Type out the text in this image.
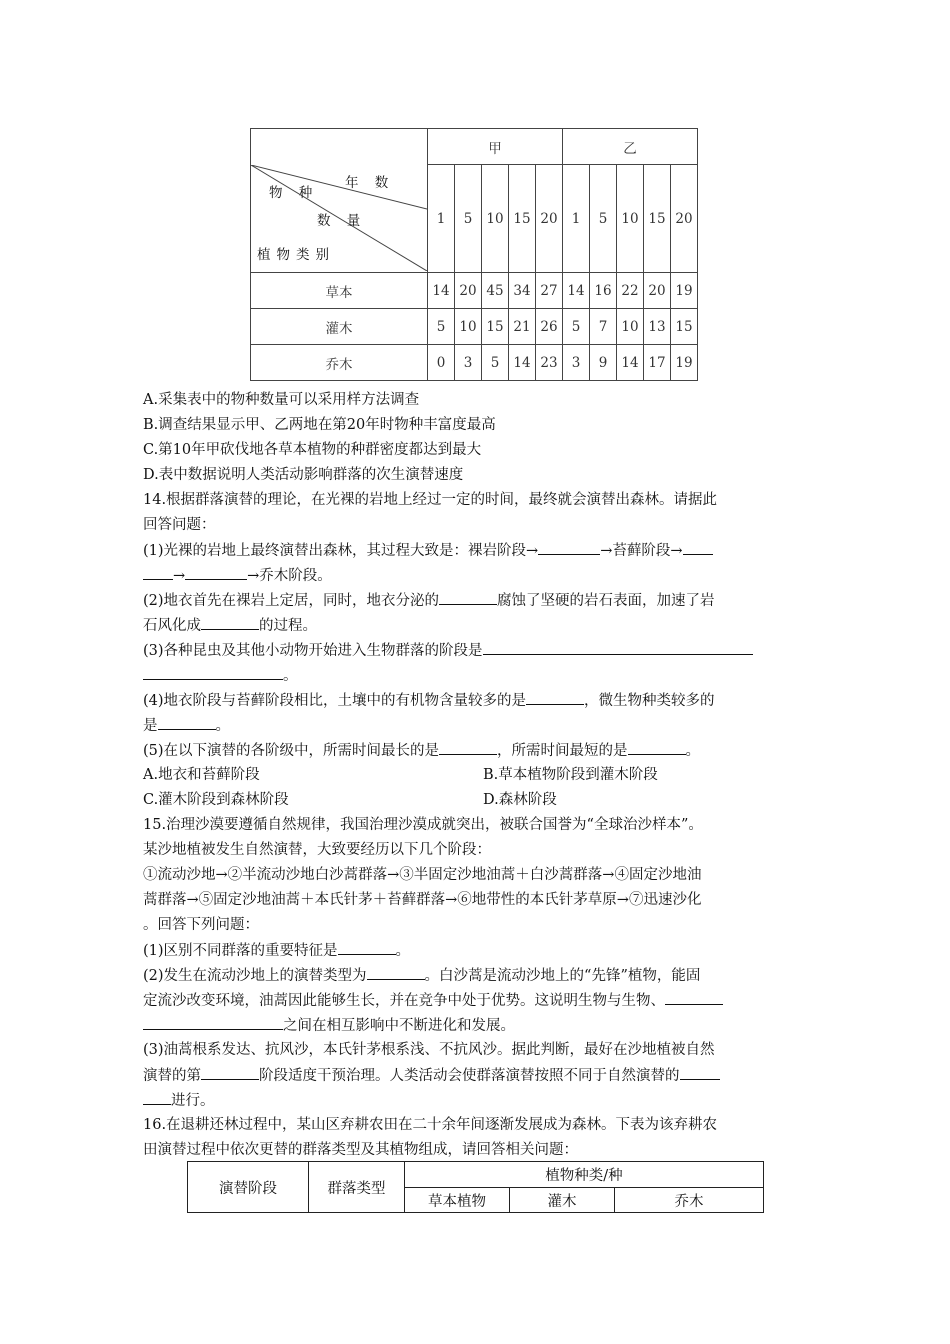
	甲					乙				
	1	5	10	15	20	1	5	10	15	20
草本	14	20	45	34	27	14	16	22	20	19
灌木	5	10	15	21	26	5	7	10	13	15
乔木	0	3	5	14	23	3	9	14	17	19
年 数
物 种
数 量
植物类别
A.采集表中的物种数量可以采用样方法调查
B.调查结果显示甲、乙两地在第20年时物种丰富度最高
C.第10年甲砍伐地各草本植物的种群密度都达到最大
D.表中数据说明人类活动影响群落的次生演替速度
14.根据群落演替的理论，在光裸的岩地上经过一定的时间，最终就会演替出森林。请据此
回答问题：
(1)光裸的岩地上最终演替出森林，其过程大致是：裸岩阶段→	→苔藓阶段→
→	→乔木阶段。
(2)地衣首先在裸岩上定居，同时，地衣分泌的	腐蚀了坚硬的岩石表面，加速了岩
石风化成	的过程。
(3)各种昆虫及其他小动物开始进入生物群落的阶段是
。
(4)地衣阶段与苔藓阶段相比，土壤中的有机物含量较多的是	，微生物种类较多的
是	。
(5)在以下演替的各阶级中，所需时间最长的是	，所需时间最短的是	。
A.地衣和苔藓阶段	B.草本植物阶段到灌木阶段
C.灌木阶段到森林阶段	D.森林阶段
15.治理沙漠要遵循自然规律，我国治理沙漠成就突出，被联合国誉为“全球治沙样本”。
某沙地植被发生自然演替，大致要经历以下几个阶段：
①流动沙地→②半流动沙地白沙蒿群落→③半固定沙地油蒿＋白沙蒿群落→④固定沙地油
蒿群落→⑤固定沙地油蒿＋本氏针茅＋苔藓群落→⑥地带性的本氏针茅草原→⑦迅速沙化
。回答下列问题：
(1)区别不同群落的重要特征是	。
(2)发生在流动沙地上的演替类型为	。白沙蒿是流动沙地上的“先锋”植物，能固
定流沙改变环境，油蒿因此能够生长，并在竞争中处于优势。这说明生物与生物、
之间在相互影响中不断进化和发展。
(3)油蒿根系发达、抗风沙，本氏针茅根系浅、不抗风沙。据此判断，最好在沙地植被自然
演替的第	阶段适度干预治理。人类活动会使群落演替按照不同于自然演替的
进行。
16.在退耕还林过程中，某山区弃耕农田在二十余年间逐渐发展成为森林。下表为该弃耕农
田演替过程中依次更替的群落类型及其植物组成，请回答相关问题：
演替阶段	群落类型	植物种类/种		
		草本植物	灌木	乔木
